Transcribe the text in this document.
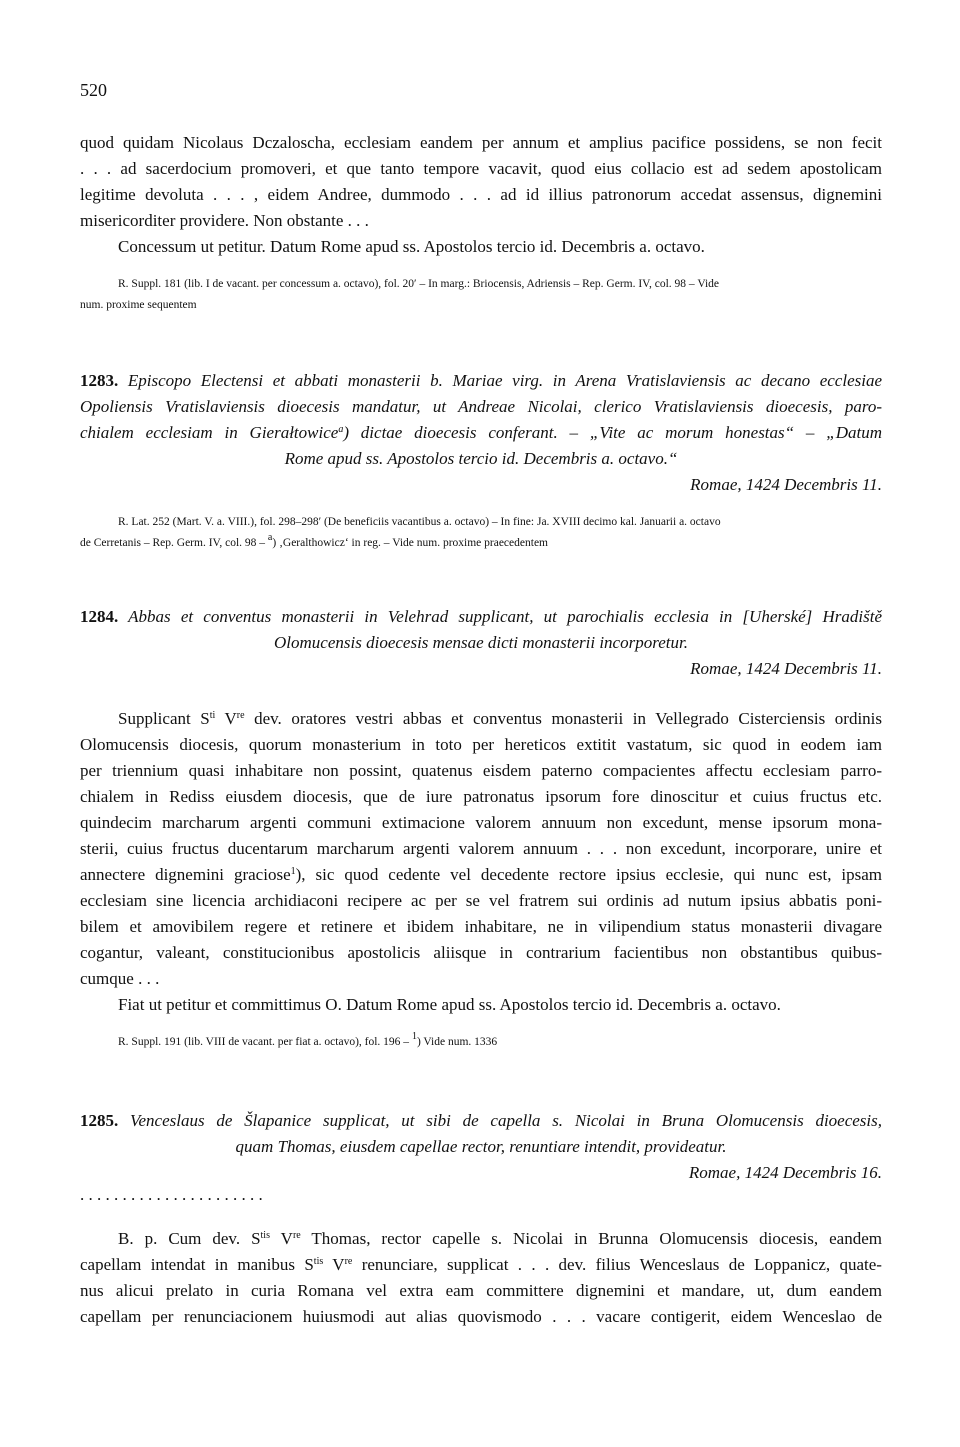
520
quod quidam Nicolaus Dczaloscha, ecclesiam eandem per annum et amplius pacifice possidens, se non fecit
. . . ad sacerdocium promoveri, et que tanto tempore vacavit, quod eius collacio est ad sedem apostolicam
legitime devoluta . . . , eidem Andree, dummodo . . . ad id illius patronorum accedat assensus, dignemini
misericorditer providere. Non obstante . . .
Concessum ut petitur. Datum Rome apud ss. Apostolos tercio id. Decembris a. octavo.
R. Suppl. 181 (lib. I de vacant. per concessum a. octavo), fol. 20′ – In marg.: Briocensis, Adriensis – Rep. Germ. IV, col. 98 – Vide
num. proxime sequentem
1283. Episcopo Electensi et abbati monasterii b. Mariae virg. in Arena Vratislaviensis ac decano ecclesiae
Opoliensis Vratislaviensis dioecesis mandatur, ut Andreae Nicolai, clerico Vratislaviensis dioecesis, paro-
chialem ecclesiam in Gierałtowice$^a$) dictae dioecesis conferant. – „Vite ac morum honestas“ – „Datum
Rome apud ss. Apostolos tercio id. Decembris a. octavo.“
Romae, 1424 Decembris 11.
R. Lat. 252 (Mart. V. a. VIII.), fol. 298–298′ (De beneficiis vacantibus a. octavo) – In fine: Ja. XVIII decimo kal. Januarii a. octavo
de Cerretanis – Rep. Germ. IV, col. 98 – $^a$) ‚Geralthowicz‘ in reg. – Vide num. proxime praecedentem
1284. Abbas et conventus monasterii in Velehrad supplicant, ut parochialis ecclesia in [Uherské] Hradiště
Olomucensis dioecesis mensae dicti monasterii incorporetur.
Romae, 1424 Decembris 11.
Supplicant $S^{ti}$ Vre dev. oratores vestri abbas et conventus monasterii in Vellegrado Cisterciensis ordinis
Olomucensis diocesis, quorum monasterium in toto per hereticos extitit vastatum, sic quod in eodem iam
per triennium quasi inhabitare non possint, quatenus eisdem paterno compacientes affectu ecclesiam parro-
chialem in Rediss eiusdem diocesis, que de iure patronatus ipsorum fore dinoscitur et cuius fructus etc.
quindecim marcharum argenti communi extimacione valorem annuum non excedunt, mense ipsorum mona-
sterii, cuius fructus ducentarum marcharum argenti valorem annuum . . . non excedunt, incorporare, unire et
annectere dignemini graciose$^1$), sic quod cedente vel decedente rectore ipsius ecclesie, qui nunc est, ipsam
ecclesiam sine licencia archidiaconi recipere ac per se vel fratrem sui ordinis ad nutum ipsius abbatis poni-
bilem et amovibilem regere et retinere et ibidem inhabitare, ne in vilipendium status monasterii divagare
cogantur, valeant, constitucionibus apostolicis aliisque in contrarium facientibus non obstantibus quibus-
cumque . . .
Fiat ut petitur et committimus O. Datum Rome apud ss. Apostolos tercio id. Decembris a. octavo.
R. Suppl. 191 (lib. VIII de vacant. per fiat a. octavo), fol. 196 – $^1$) Vide num. 1336
1285. Venceslaus de Šlapanice supplicat, ut sibi de capella s. Nicolai in Bruna Olomucensis dioecesis,
quam Thomas, eiusdem capellae rector, renuntiare intendit, provideatur.
Romae, 1424 Decembris 16.
. . . . . . . . . . . . . . . . . . . . . .
B. p. Cum dev. $S^{tis}$ Vre Thomas, rector capelle s. Nicolai in Brunna Olomucensis diocesis, eandem
capellam intendat in manibus $S^{tis}$ Vre renunciare, supplicat . . . dev. filius Wenceslaus de Loppanicz, quate-
nus alicui prelato in curia Romana vel extra eam committere dignemini et mandare, ut, dum eandem
capellam per renunciacionem huiusmodi aut alias quovismodo . . . vacare contigerit, eidem Wenceslao de
